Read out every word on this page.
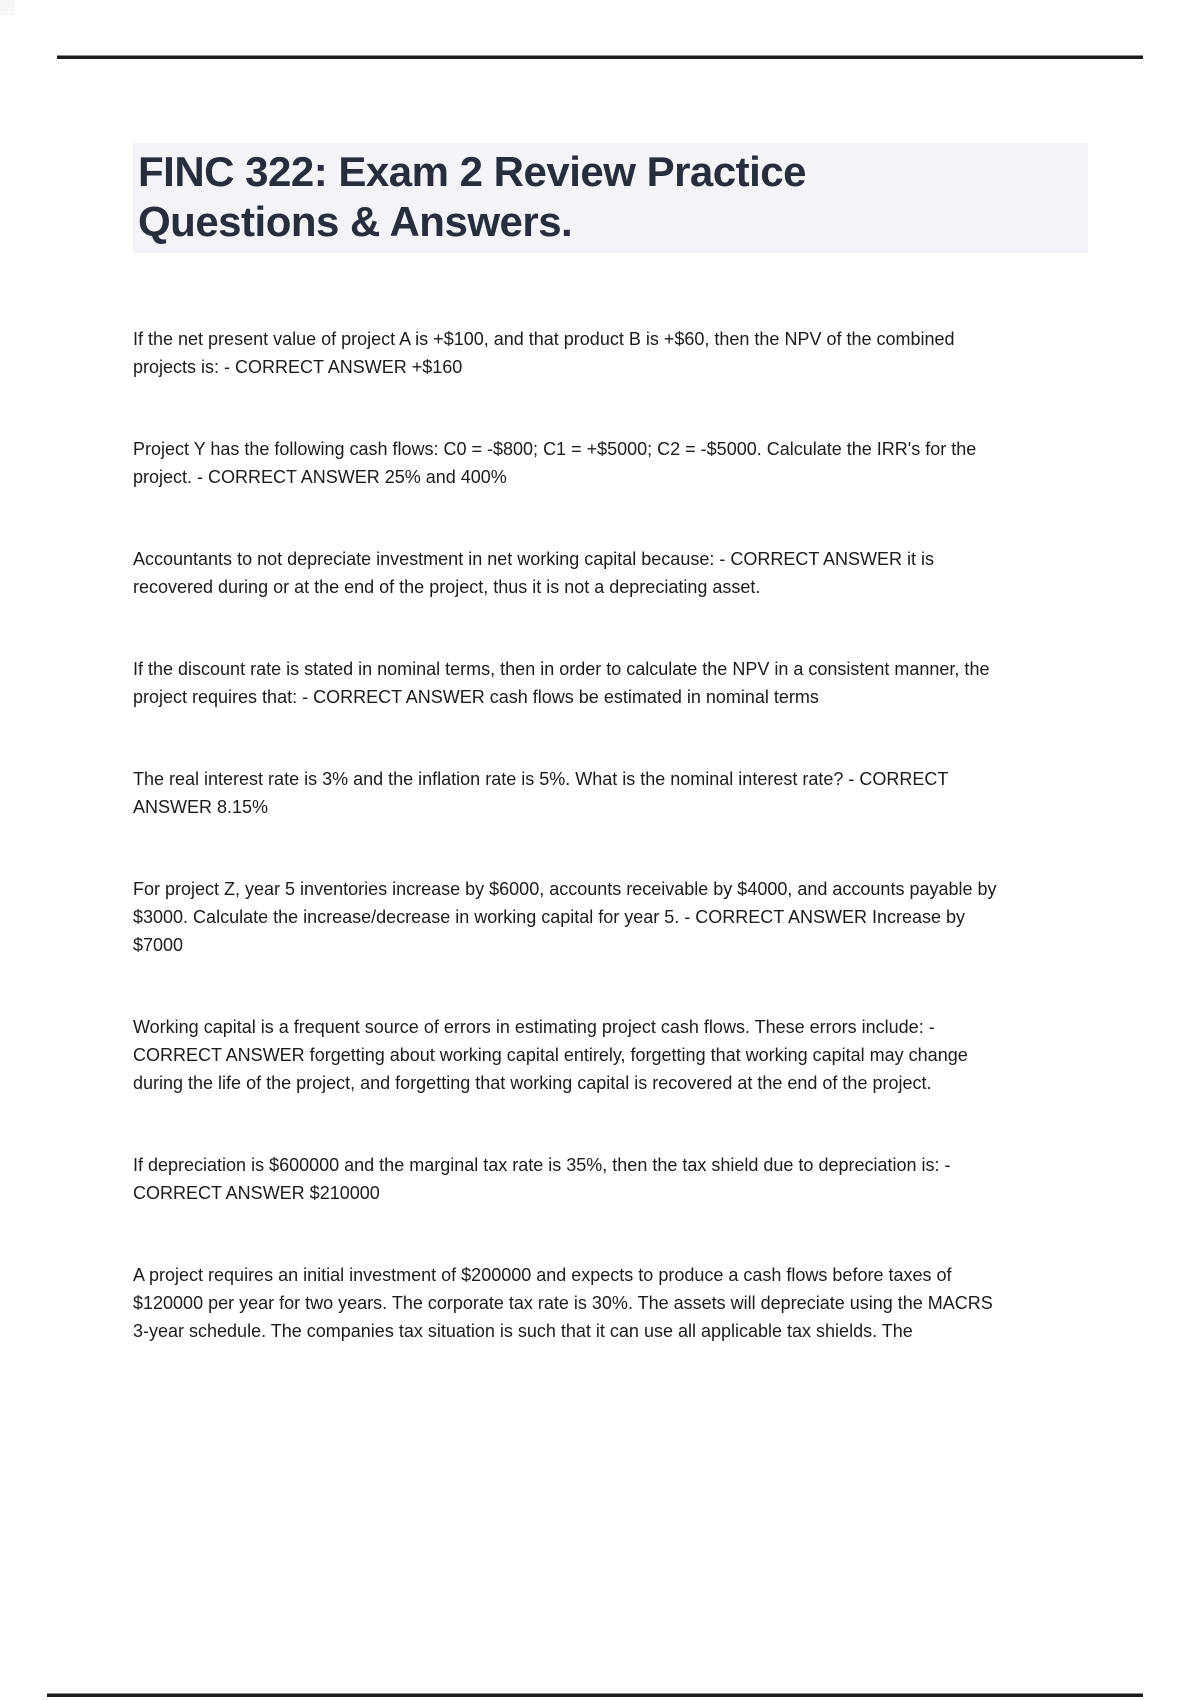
FINC 322: Exam 2 Review Practice Questions & Answers.

If the net present value of project A is +$100, and that product B is +$60, then the NPV of the combined projects is: - CORRECT ANSWER +$160

Project Y has the following cash flows: C0 = -$800; C1 = +$5000; C2 = -$5000. Calculate the IRR's for the project. - CORRECT ANSWER 25% and 400%

Accountants to not depreciate investment in net working capital because: - CORRECT ANSWER it is recovered during or at the end of the project, thus it is not a depreciating asset.

If the discount rate is stated in nominal terms, then in order to calculate the NPV in a consistent manner, the project requires that: - CORRECT ANSWER cash flows be estimated in nominal terms

The real interest rate is 3% and the inflation rate is 5%. What is the nominal interest rate? - CORRECT ANSWER 8.15%

For project Z, year 5 inventories increase by $6000, accounts receivable by $4000, and accounts payable by $3000. Calculate the increase/decrease in working capital for year 5. - CORRECT ANSWER Increase by $7000

Working capital is a frequent source of errors in estimating project cash flows. These errors include: - CORRECT ANSWER forgetting about working capital entirely, forgetting that working capital may change during the life of the project, and forgetting that working capital is recovered at the end of the project.

If depreciation is $600000 and the marginal tax rate is 35%, then the tax shield due to depreciation is: - CORRECT ANSWER $210000

A project requires an initial investment of $200000 and expects to produce a cash flows before taxes of $120000 per year for two years. The corporate tax rate is 30%. The assets will depreciate using the MACRS 3-year schedule. The companies tax situation is such that it can use all applicable tax shields. The
